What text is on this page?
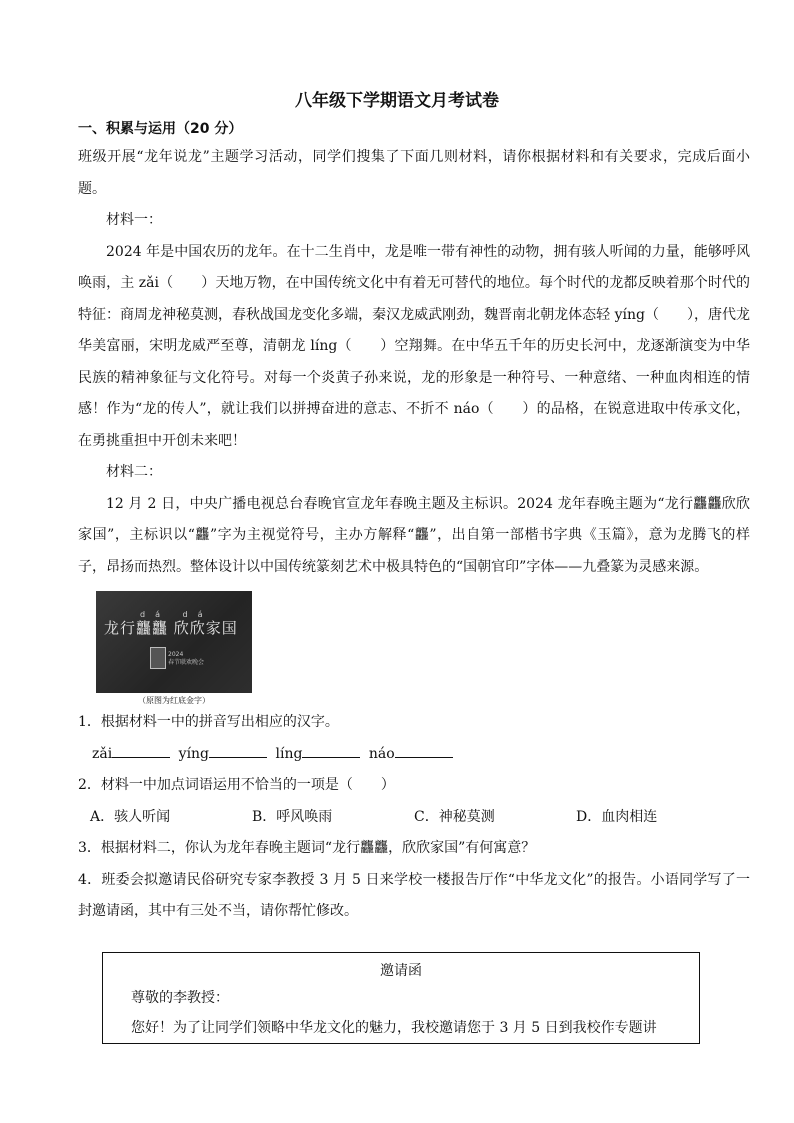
八年级下学期语文月考试卷
一、积累与运用（20 分）

班级开展“龙年说龙”主题学习活动，同学们搜集了下面几则材料，请你根据材料和有关要求，完成后面小题。

材料一：

2024 年是中国农历的龙年。在十二生肖中，龙是唯一带有神性的动物，拥有骇人听闻的力量，能够呼风唤雨，主 zǎi（　　）天地万物，在中国传统文化中有着无可替代的地位。每个时代的龙都反映着那个时代的特征：商周龙神秘莫测，春秋战国龙变化多端，秦汉龙威武刚劲，魏晋南北朝龙体态轻 yíng（　　），唐代龙华美富丽，宋明龙威严至尊，清朝龙 líng（　　）空翔舞。在中华五千年的历史长河中，龙逐渐演变为中华民族的精神象征与文化符号。对每一个炎黄子孙来说，龙的形象是一种符号、一种意绪、一种血肉相连的情感！作为“龙的传人”，就让我们以拼搏奋进的意志、不折不 náo（　　）的品格，在锐意进取中传承文化，在勇挑重担中开创未来吧！

材料二：

12 月 2 日，中央广播电视总台春晚官宣龙年春晚主题及主标识。2024 龙年春晚主题为“龙行龘龘欣欣家国”，主标识以“龘”字为主视觉符号，主办方解释“龘”，出自第一部楷书字典《玉篇》，意为龙腾飞的样子，昂扬而热烈。整体设计以中国传统篆刻艺术中极具特色的“国朝官印”字体——九叠篆为灵感来源。

dá dá
龙行龘龘 欣欣家国
2024
春节联欢晚会
（原图为红底金字）

1．根据材料一中的拼音写出相应的汉字。

zǎi	yíng	líng	náo

2．材料一中加点词语运用不恰当的一项是（　　）

A．骇人听闻	B．呼风唤雨	C．神秘莫测	D．血肉相连

3．根据材料二，你认为龙年春晚主题词“龙行龘龘，欣欣家国”有何寓意？

4．班委会拟邀请民俗研究专家李教授 3 月 5 日来学校一楼报告厅作“中华龙文化”的报告。小语同学写了一封邀请函，其中有三处不当，请你帮忙修改。

邀请函
尊敬的李教授：
您好！为了让同学们领略中华龙文化的魅力，我校邀请您于 3 月 5 日到我校作专题讲
